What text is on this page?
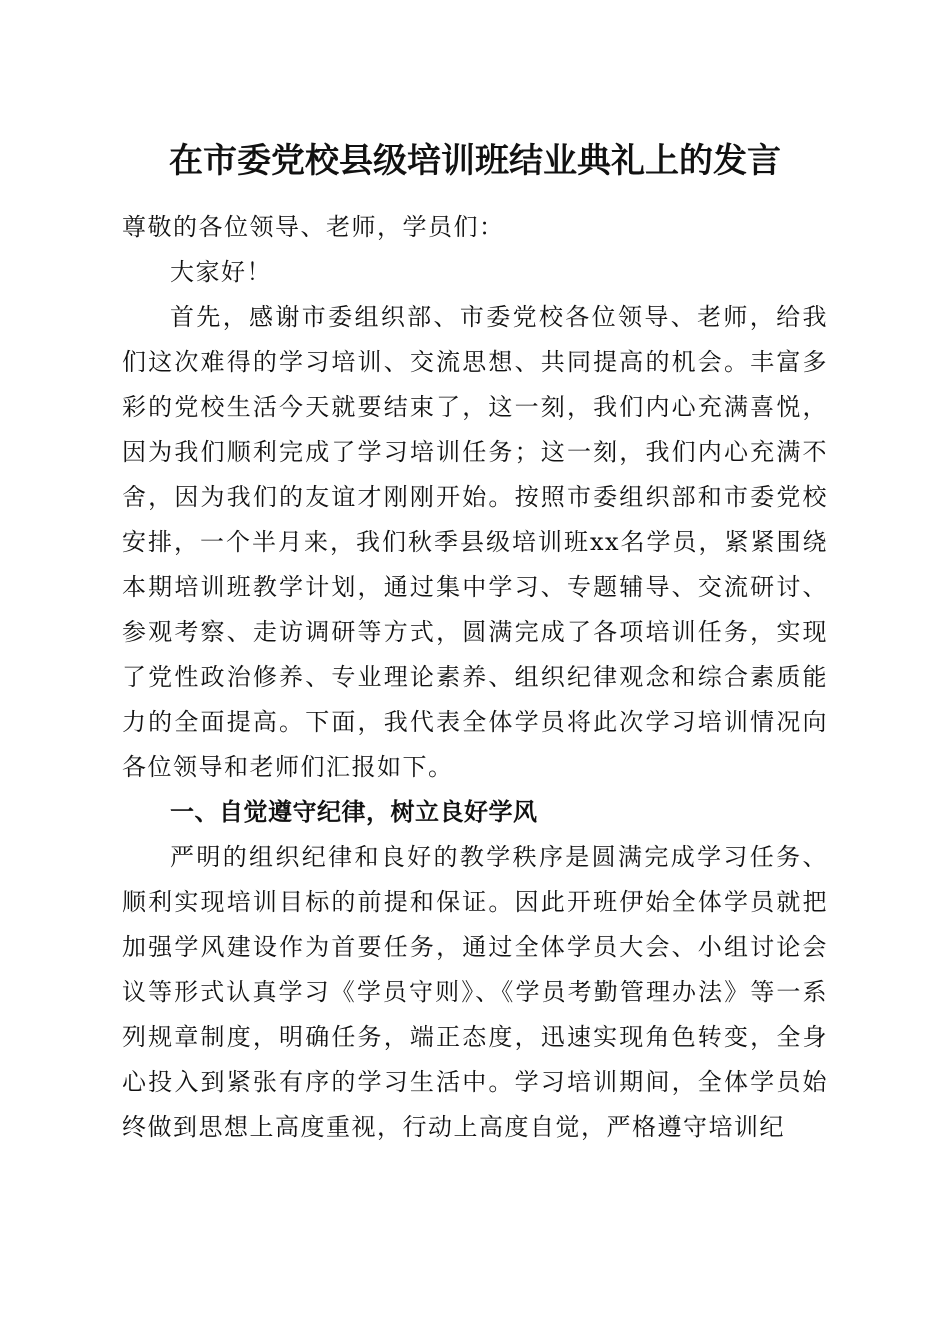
在市委党校县级培训班结业典礼上的发言

尊敬的各位领导、老师，学员们：

大家好！

首先，感谢市委组织部、市委党校各位领导、老师，给我们这次难得的学习培训、交流思想、共同提高的机会。丰富多彩的党校生活今天就要结束了，这一刻，我们内心充满喜悦，因为我们顺利完成了学习培训任务；这一刻，我们内心充满不舍，因为我们的友谊才刚刚开始。按照市委组织部和市委党校安排，一个半月来，我们秋季县级培训班xx名学员，紧紧围绕本期培训班教学计划，通过集中学习、专题辅导、交流研讨、参观考察、走访调研等方式，圆满完成了各项培训任务，实现了党性政治修养、专业理论素养、组织纪律观念和综合素质能力的全面提高。下面，我代表全体学员将此次学习培训情况向各位领导和老师们汇报如下。

一、自觉遵守纪律，树立良好学风

严明的组织纪律和良好的教学秩序是圆满完成学习任务、顺利实现培训目标的前提和保证。因此开班伊始全体学员就把加强学风建设作为首要任务，通过全体学员大会、小组讨论会议等形式认真学习《学员守则》、《学员考勤管理办法》等一系列规章制度，明确任务，端正态度，迅速实现角色转变，全身心投入到紧张有序的学习生活中。学习培训期间，全体学员始终做到思想上高度重视，行动上高度自觉，严格遵守培训纪
